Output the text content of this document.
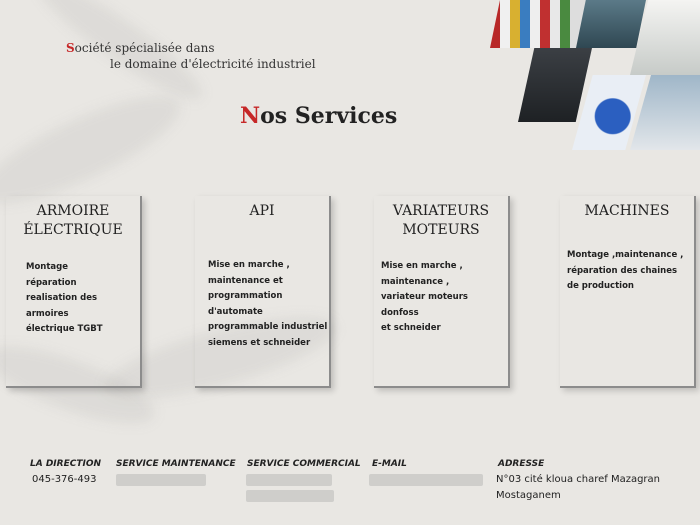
Société spécialisée dans
le domaine d'électricité industriel
Nos Services
ARMOIRE ÉLECTRIQUE
Montage
réparation
realisation des armoires
électrique TGBT
API
Mise en marche ,
maintenance et
programmation
d'automate
programmable industriel
siemens et schneider
VARIATEURS MOTEURS
Mise en marche ,
maintenance ,
variateur moteurs donfoss
et schneider
MACHINES
Montage ,maintenance ,
réparation des chaines
de production
LA DIRECTION
045-376-493
SERVICE MAINTENANCE SERVICE COMMERCIAL E-MAIL	ADRESSE
N°03 cité kloua charef Mazagran
Mostaganem
